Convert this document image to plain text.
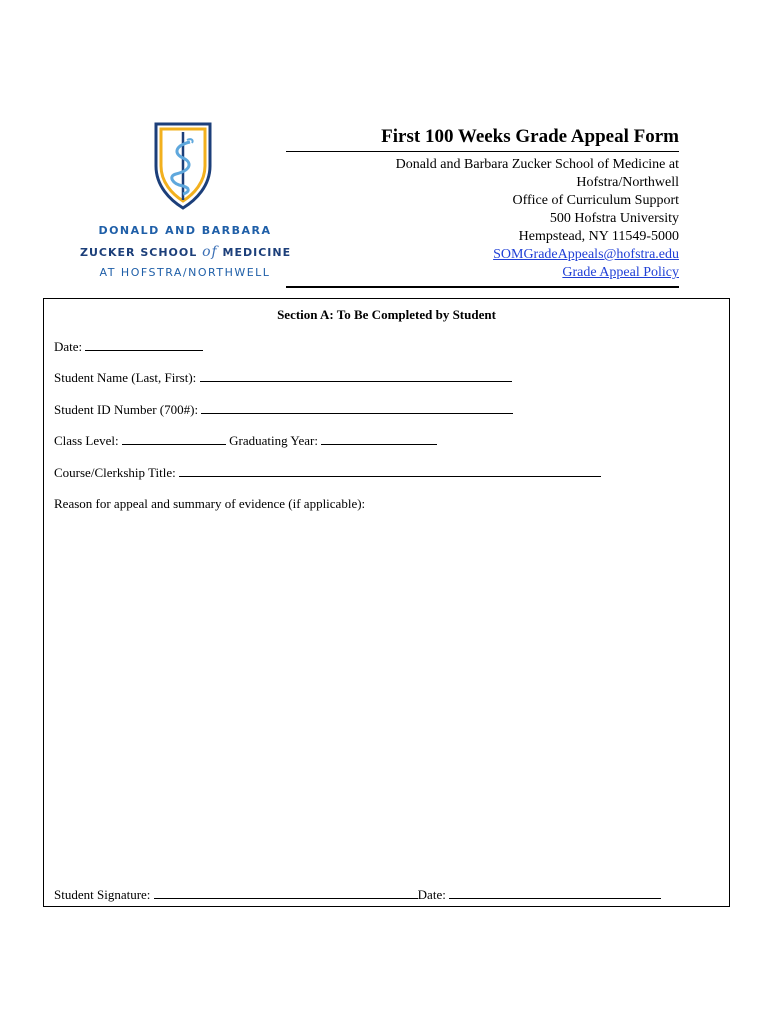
DONALD AND BARBARA
ZUCKER SCHOOL of MEDICINE
AT HOFSTRA/NORTHWELL
First 100 Weeks Grade Appeal Form
Donald and Barbara Zucker School of Medicine at
Hofstra/Northwell
Office of Curriculum Support
500 Hofstra University
Hempstead, NY 11549-5000
SOMGradeAppeals@hofstra.edu
Grade Appeal Policy
Section A: To Be Completed by Student
Date:
Student Name (Last, First):
Student ID Number (700#):
Class Level:	Graduating Year:
Course/Clerkship Title:
Reason for appeal and summary of evidence (if applicable):
Student Signature:	Date:
